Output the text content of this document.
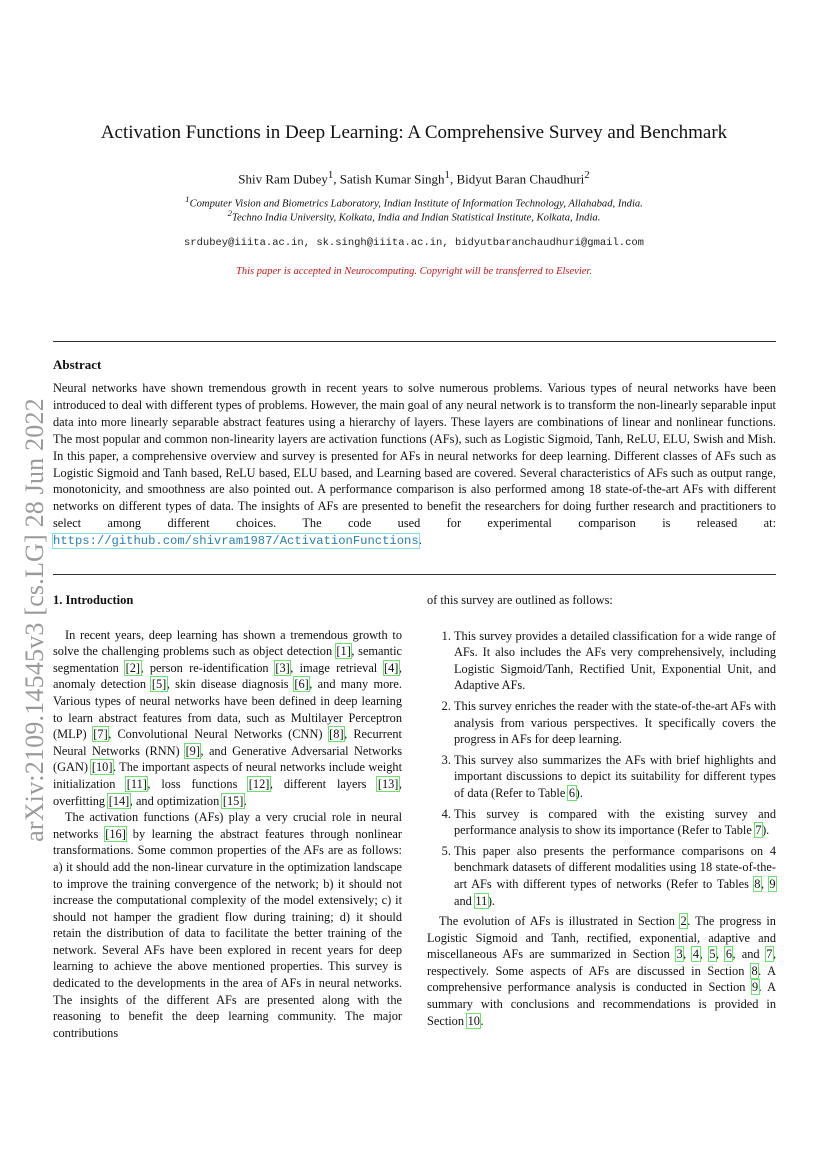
arXiv:2109.14545v3 [cs.LG] 28 Jun 2022
Activation Functions in Deep Learning: A Comprehensive Survey and Benchmark
Shiv Ram Dubey$^1$, Satish Kumar Singh$^1$, Bidyut Baran Chaudhuri$^2$
$^1$Computer Vision and Biometrics Laboratory, Indian Institute of Information Technology, Allahabad, India.
$^2$Techno India University, Kolkata, India and Indian Statistical Institute, Kolkata, India.
srdubey@iiita.ac.in, sk.singh@iiita.ac.in, bidyutbaranchaudhuri@gmail.com
This paper is accepted in Neurocomputing. Copyright will be transferred to Elsevier.
Abstract

Neural networks have shown tremendous growth in recent years to solve numerous problems. Various types of neural networks have been introduced to deal with different types of problems. However, the main goal of any neural network is to transform the non-linearly separable input data into more linearly separable abstract features using a hierarchy of layers. These layers are combinations of linear and nonlinear functions. The most popular and common non-linearity layers are activation functions (AFs), such as Logistic Sigmoid, Tanh, ReLU, ELU, Swish and Mish. In this paper, a comprehensive overview and survey is presented for AFs in neural networks for deep learning. Different classes of AFs such as Logistic Sigmoid and Tanh based, ReLU based, ELU based, and Learning based are covered. Several characteristics of AFs such as output range, monotonicity, and smoothness are also pointed out. A performance comparison is also performed among 18 state-of-the-art AFs with different networks on different types of data. The insights of AFs are presented to benefit the researchers for doing further research and practitioners to select among different choices. The code used for experimental comparison is released at: https://github.com/shivram1987/ActivationFunctions.

1. Introduction

In recent years, deep learning has shown a tremendous growth to solve the challenging problems such as object detection [1], semantic segmentation [2], person re-identification [3], image retrieval [4], anomaly detection [5], skin disease diagnosis [6], and many more. Various types of neural networks have been defined in deep learning to learn abstract features from data, such as Multilayer Perceptron (MLP) [7], Convolutional Neural Networks (CNN) [8], Recurrent Neural Networks (RNN) [9], and Generative Adversarial Networks (GAN) [10]. The important aspects of neural networks include weight initialization [11], loss functions [12], different layers [13], overfitting [14], and optimization [15].

The activation functions (AFs) play a very crucial role in neural networks [16] by learning the abstract features through nonlinear transformations. Some common properties of the AFs are as follows: a) it should add the non-linear curvature in the optimization landscape to improve the training convergence of the network; b) it should not increase the computational complexity of the model extensively; c) it should not hamper the gradient flow during training; d) it should retain the distribution of data to facilitate the better training of the network. Several AFs have been explored in recent years for deep learning to achieve the above mentioned properties. This survey is dedicated to the developments in the area of AFs in neural networks. The insights of the different AFs are presented along with the reasoning to benefit the deep learning community. The major contributions

of this survey are outlined as follows:

1. This survey provides a detailed classification for a wide range of AFs. It also includes the AFs very comprehensively, including Logistic Sigmoid/Tanh, Rectified Unit, Exponential Unit, and Adaptive AFs.
2. This survey enriches the reader with the state-of-the-art AFs with analysis from various perspectives. It specifically covers the progress in AFs for deep learning.
3. This survey also summarizes the AFs with brief highlights and important discussions to depict its suitability for different types of data (Refer to Table 6).
4. This survey is compared with the existing survey and performance analysis to show its importance (Refer to Table 7).
5. This paper also presents the performance comparisons on 4 benchmark datasets of different modalities using 18 state-of-the-art AFs with different types of networks (Refer to Tables 8, 9 and 11).

The evolution of AFs is illustrated in Section 2. The progress in Logistic Sigmoid and Tanh, rectified, exponential, adaptive and miscellaneous AFs are summarized in Section 3, 4, 5, 6, and 7, respectively. Some aspects of AFs are discussed in Section 8. A comprehensive performance analysis is conducted in Section 9. A summary with conclusions and recommendations is provided in Section 10.
